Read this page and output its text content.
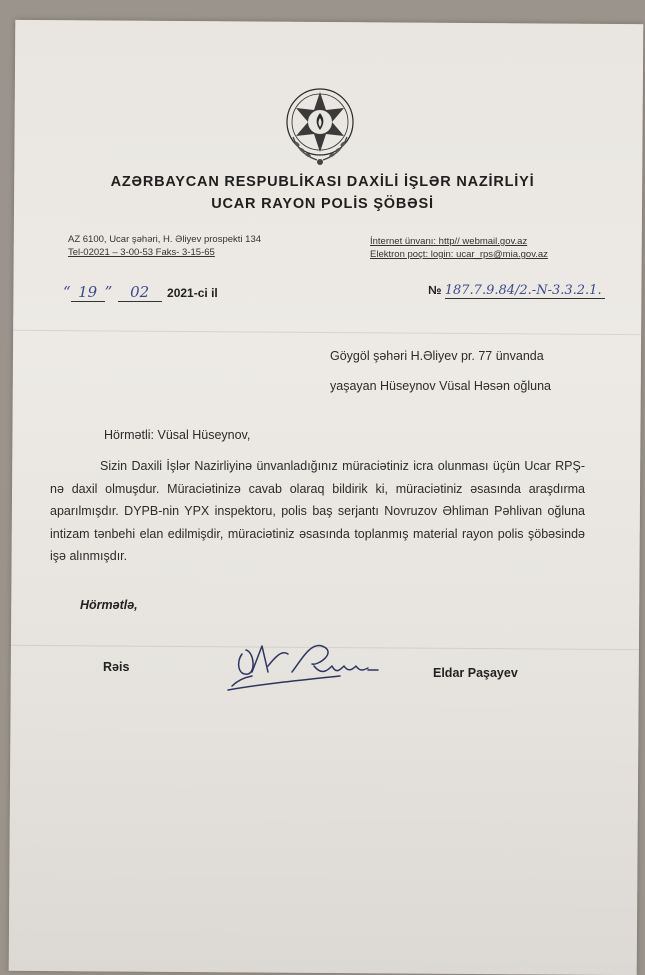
AZƏRBAYCAN RESPUBLİKASI DAXİLİ İŞLƏR NAZİRLİYİ
UCAR RAYON POLİS ŞÖBƏSİ
AZ 6100, Ucar şəhəri, H. Əliyev prospekti 134
Tel-02021 – 3-00-53 Faks- 3-15-65
İnternet ünvanı: http// webmail.gov.az
Elektron poçt: login: ucar_rps@mia.gov.az
“ 19 ” 02 2021-ci il	№ 187.7.9.84/2.-N-3.3.2.1.
Göygöl şəhəri H.Əliyev pr. 77 ünvanda
yaşayan Hüseynov Vüsal Həsən oğluna
Hörmətli: Vüsal Hüseynov,
Sizin Daxili İşlər Nazirliyinə ünvanladığınız müraciətiniz icra olunması üçün Ucar RPŞ-nə daxil olmuşdur. Müraciətinizə cavab olaraq bildirik ki, müraciətiniz əsasında araşdırma aparılmışdır. DYPB-nin YPX inspektoru, polis baş serjantı Novruzov Əhliman Pəhlivan oğluna intizam tənbehi elan edilmişdir, müraciətiniz əsasında toplanmış material rayon polis şöbəsində işə alınmışdır.
Hörmətlə,
Rəis	Eldar Paşayev
